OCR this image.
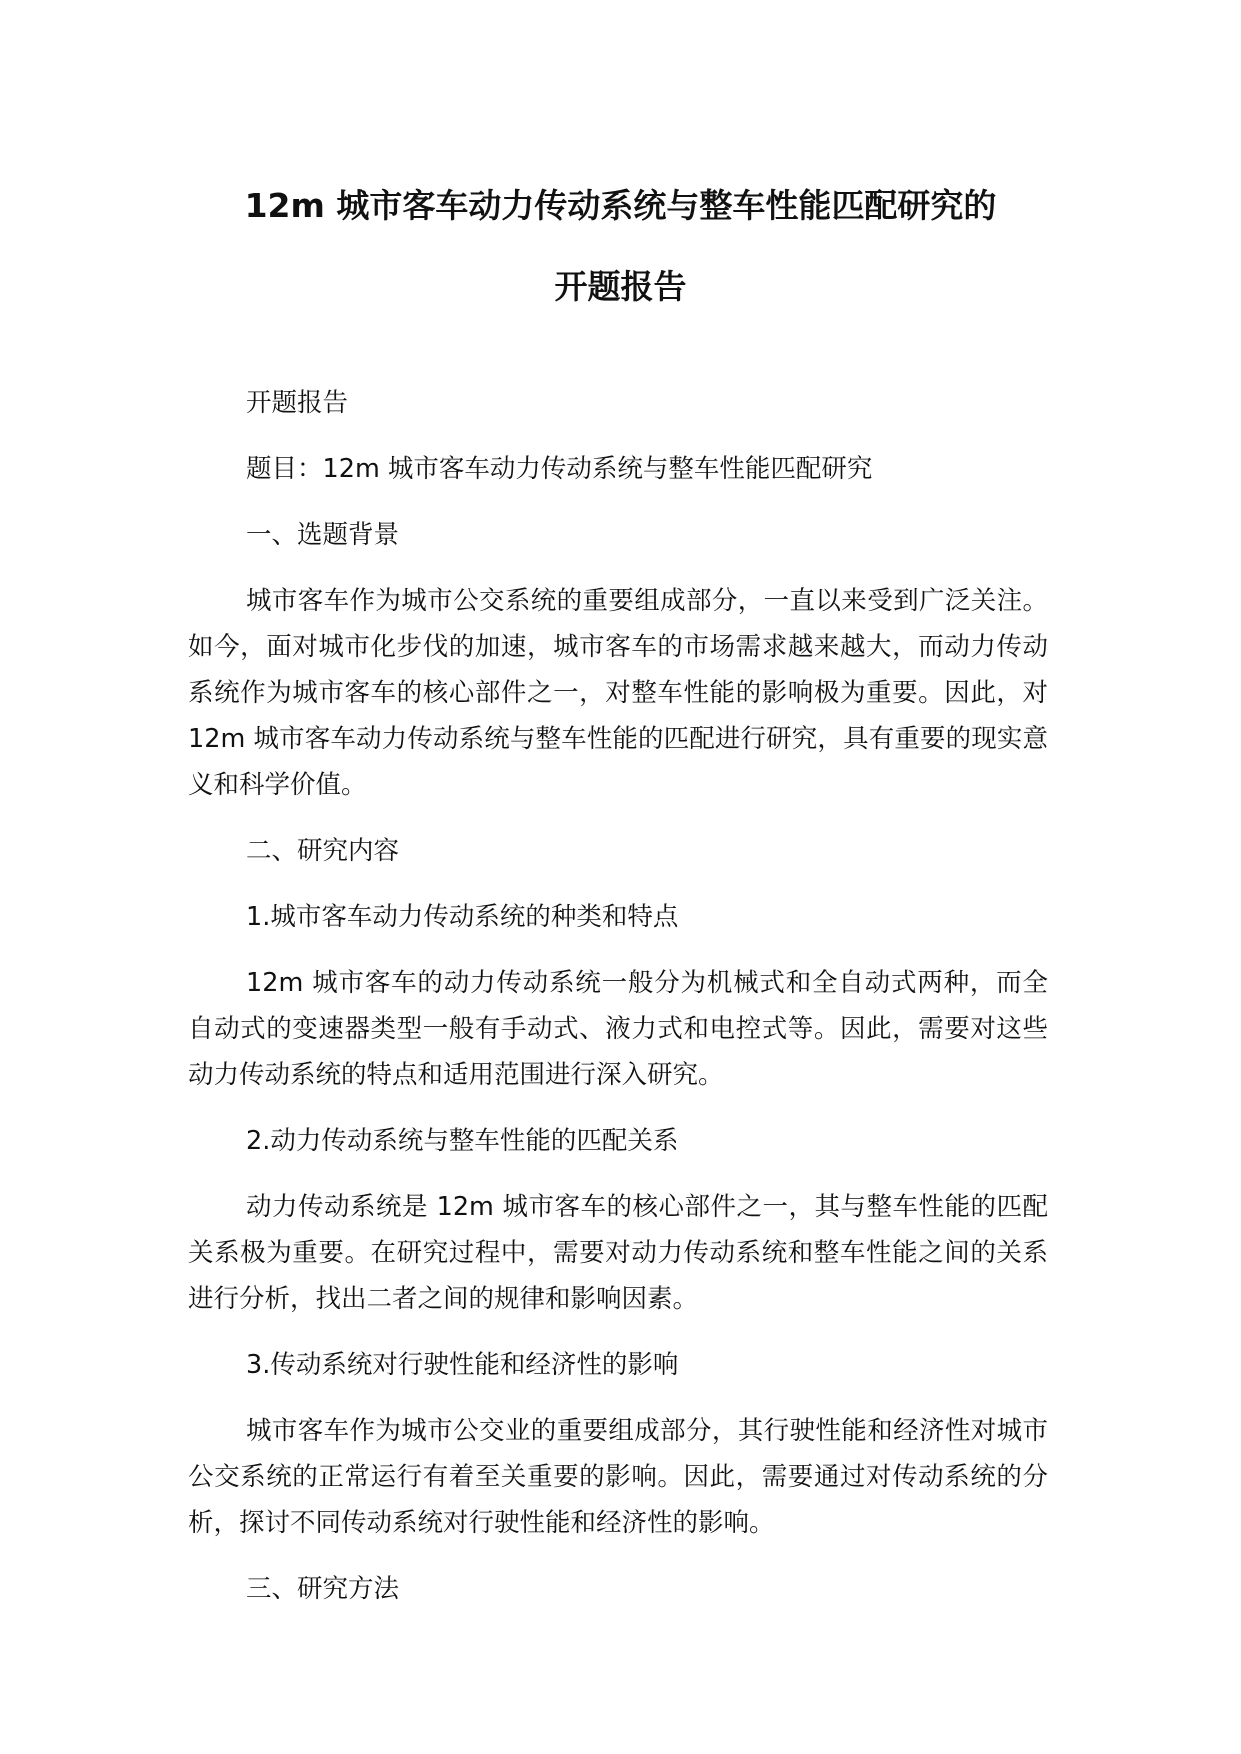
12m 城市客车动力传动系统与整车性能匹配研究的
开题报告

开题报告

题目：12m 城市客车动力传动系统与整车性能匹配研究

一、选题背景

城市客车作为城市公交系统的重要组成部分，一直以来受到广泛关注。如今，面对城市化步伐的加速，城市客车的市场需求越来越大，而动力传动系统作为城市客车的核心部件之一，对整车性能的影响极为重要。因此，对 12m 城市客车动力传动系统与整车性能的匹配进行研究，具有重要的现实意义和科学价值。

二、研究内容

1.城市客车动力传动系统的种类和特点

12m 城市客车的动力传动系统一般分为机械式和全自动式两种，而全自动式的变速器类型一般有手动式、液力式和电控式等。因此，需要对这些动力传动系统的特点和适用范围进行深入研究。

2.动力传动系统与整车性能的匹配关系

动力传动系统是 12m 城市客车的核心部件之一，其与整车性能的匹配关系极为重要。在研究过程中，需要对动力传动系统和整车性能之间的关系进行分析，找出二者之间的规律和影响因素。

3.传动系统对行驶性能和经济性的影响

城市客车作为城市公交业的重要组成部分，其行驶性能和经济性对城市公交系统的正常运行有着至关重要的影响。因此，需要通过对传动系统的分析，探讨不同传动系统对行驶性能和经济性的影响。

三、研究方法
